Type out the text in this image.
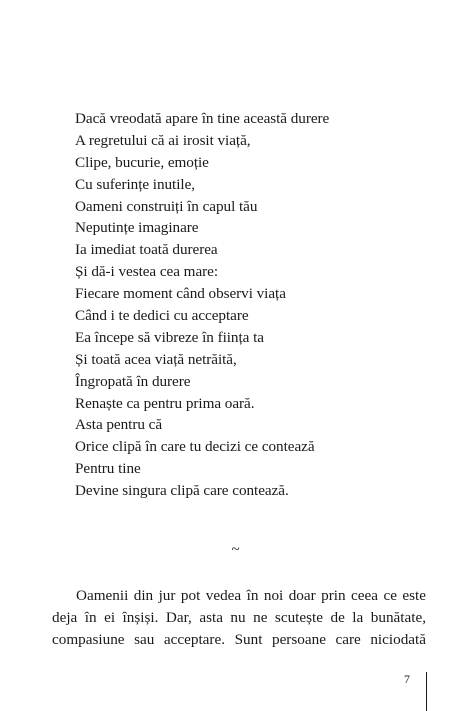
Dacă vreodată apare în tine această durere
A regretului că ai irosit viață,
Clipe, bucurie, emoție
Cu suferințe inutile,
Oameni construiți în capul tău
Neputințe imaginare
Ia imediat toată durerea
Și dă-i vestea cea mare:
Fiecare moment când observi viața
Când i te dedici cu acceptare
Ea începe să vibreze în ființa ta
Și toată acea viață netrăită,
Îngropată în durere
Renaște ca pentru prima oară.
Asta pentru că
Orice clipă în care tu decizi ce contează
Pentru tine
Devine singura clipă care contează.
~
Oamenii din jur pot vedea în noi doar prin ceea ce este
deja în ei înșiși. Dar, asta nu ne scutește de la bunătate,
compasiune sau acceptare. Sunt persoane care niciodată
7
